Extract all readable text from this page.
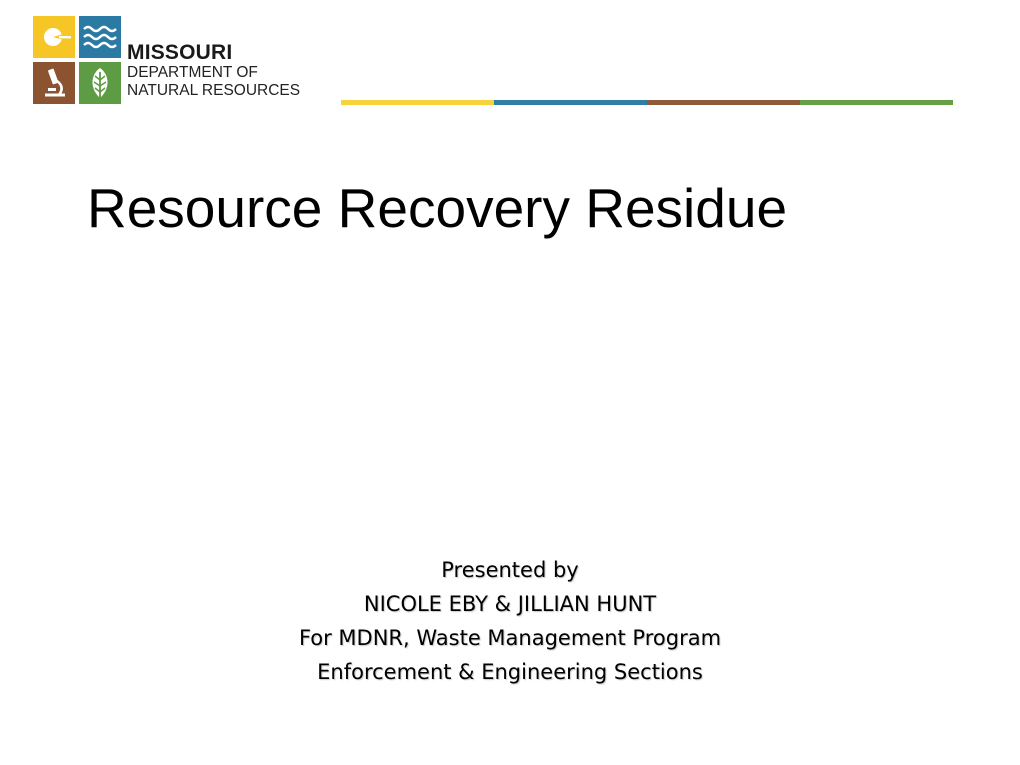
MISSOURI
DEPARTMENT OF
NATURAL RESOURCES
Resource Recovery Residue
Presented by
NICOLE EBY & JILLIAN HUNT
For MDNR, Waste Management Program
Enforcement & Engineering Sections
